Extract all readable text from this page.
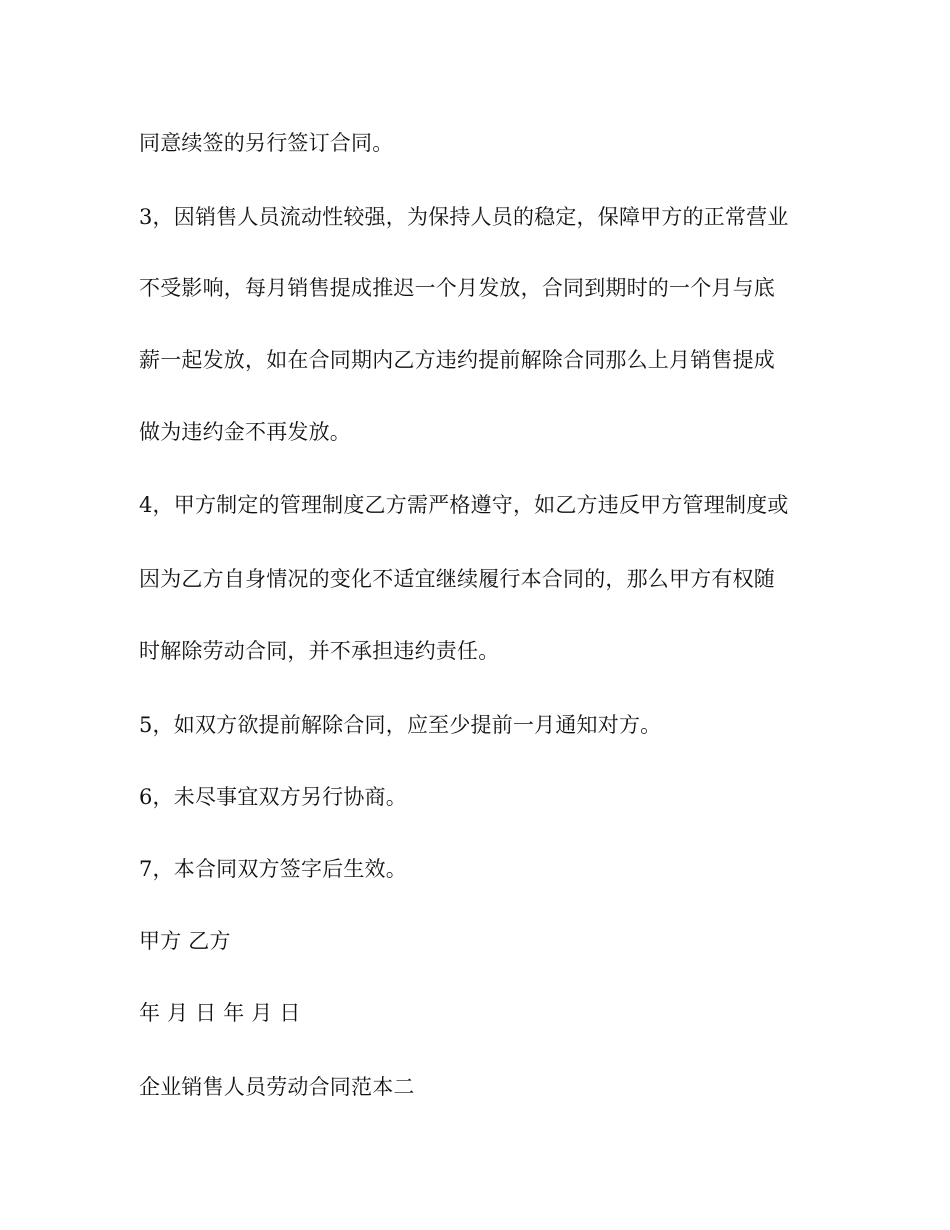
同意续签的另行签订合同。
3，因销售人员流动性较强，为保持人员的稳定，保障甲方的正常营业
不受影响，每月销售提成推迟一个月发放，合同到期时的一个月与底
薪一起发放，如在合同期内乙方违约提前解除合同那么上月销售提成
做为违约金不再发放。
4，甲方制定的管理制度乙方需严格遵守，如乙方违反甲方管理制度或
因为乙方自身情况的变化不适宜继续履行本合同的，那么甲方有权随
时解除劳动合同，并不承担违约责任。
5，如双方欲提前解除合同，应至少提前一月通知对方。
6，未尽事宜双方另行协商。
7，本合同双方签字后生效。
甲方 乙方
年 月 日 年 月 日
企业销售人员劳动合同范本二
